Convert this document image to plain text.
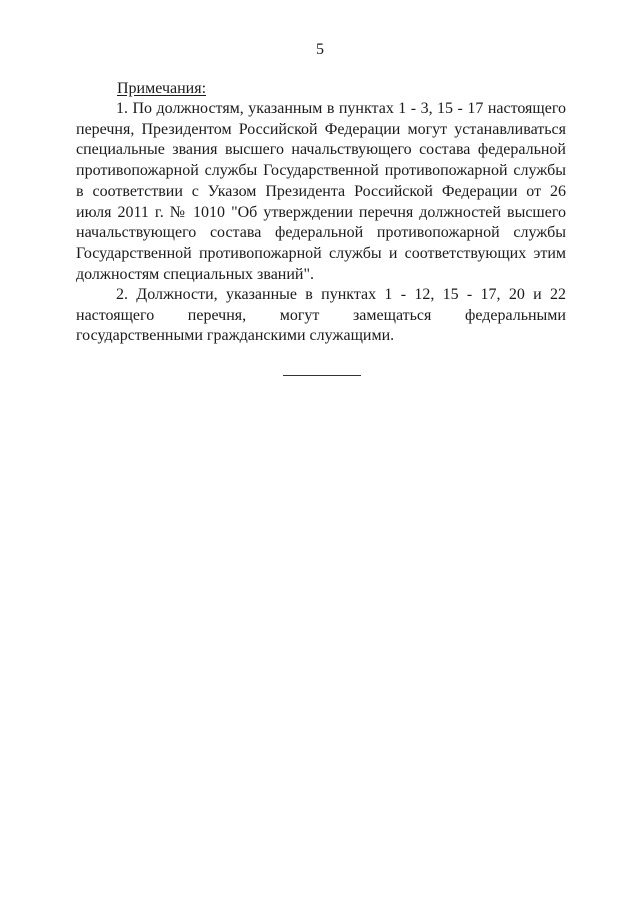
5
Примечания:

1. По должностям, указанным в пунктах 1 - 3, 15 - 17 настоящего перечня, Президентом Российской Федерации могут устанавливаться специальные звания высшего начальствующего состава федеральной противопожарной службы Государственной противопожарной службы в соответствии с Указом Президента Российской Федерации от 26 июля 2011 г. № 1010 "Об утверждении перечня должностей высшего начальствующего состава федеральной противопожарной службы Государственной противопожарной службы и соответствующих этим должностям специальных званий".

2. Должности, указанные в пунктах 1 - 12, 15 - 17, 20 и 22 настоящего перечня, могут замещаться федеральными государственными гражданскими служащими.
